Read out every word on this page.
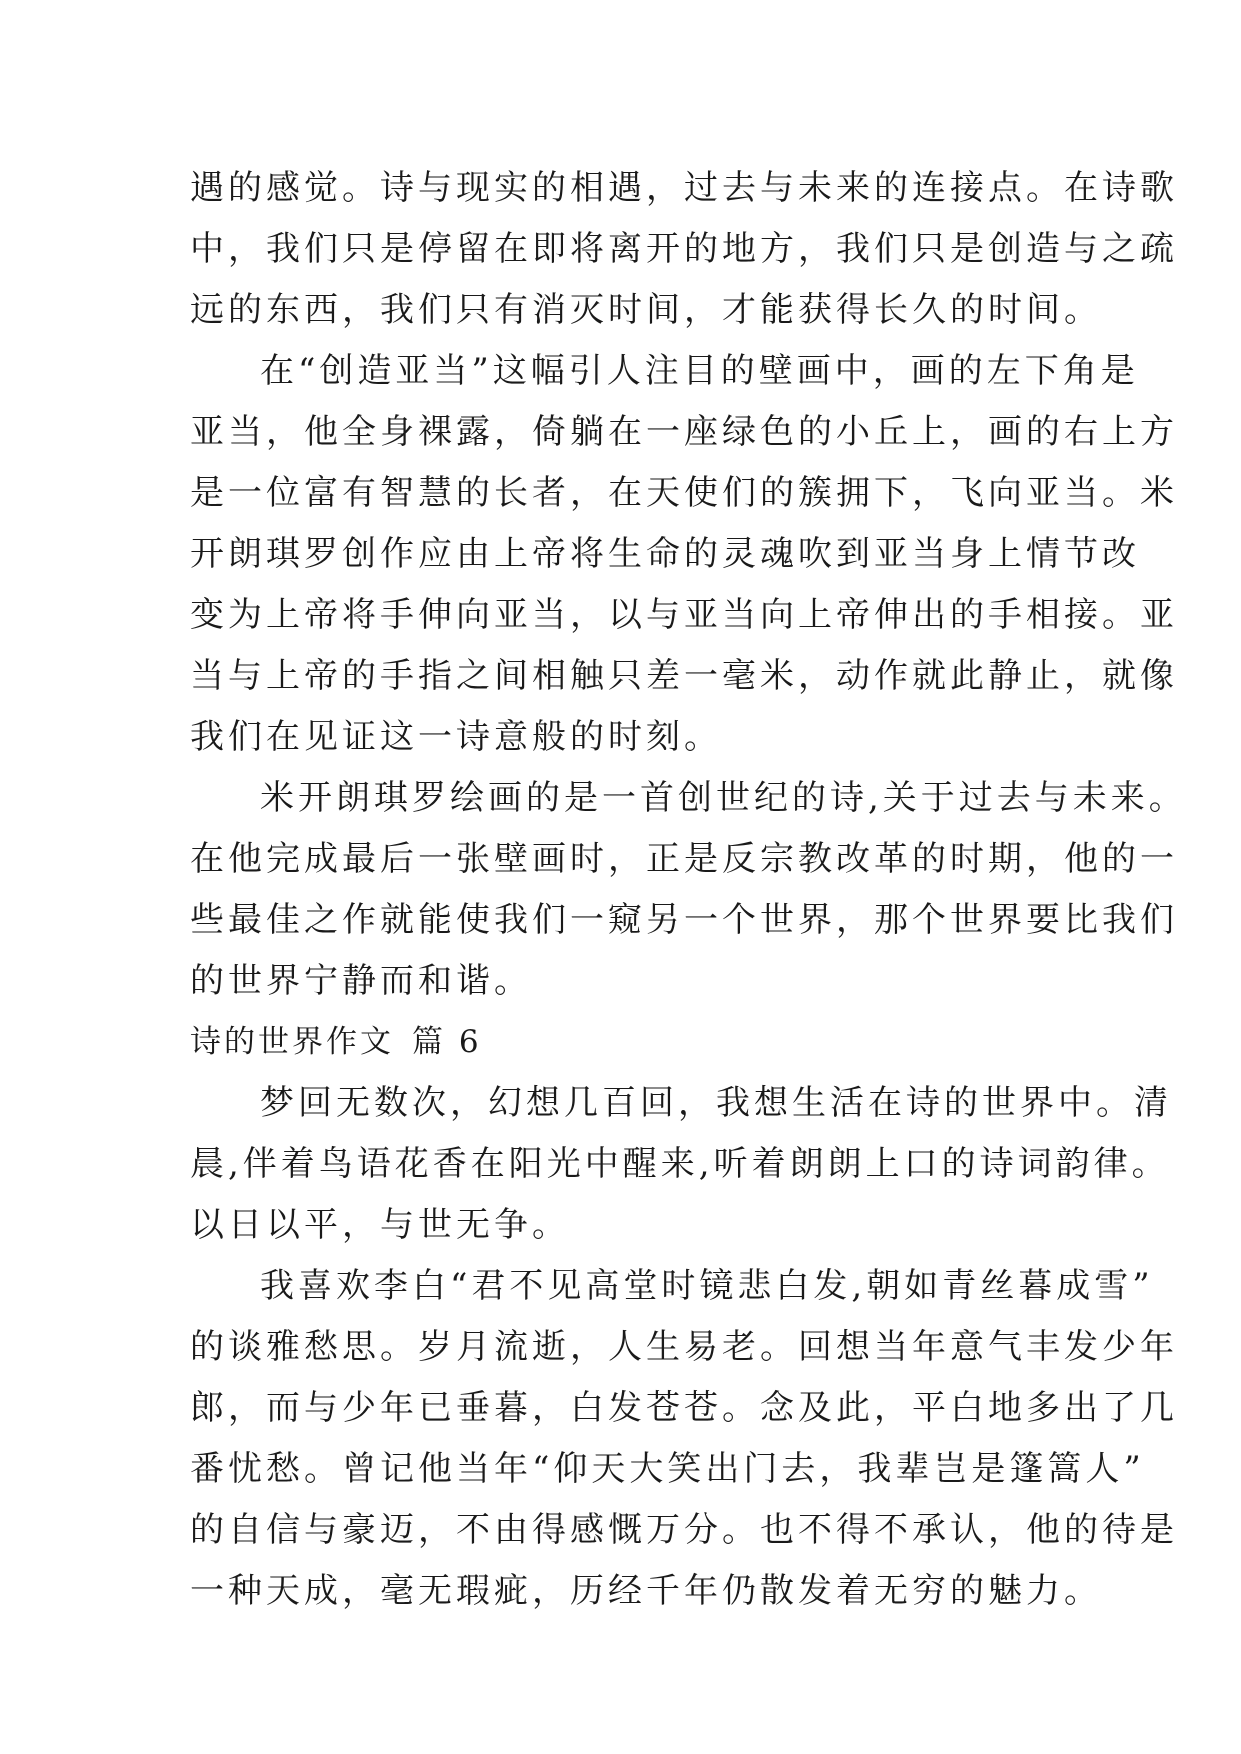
遇的感觉。诗与现实的相遇，过去与未来的连接点。在诗歌
中，我们只是停留在即将离开的地方，我们只是创造与之疏
远的东西，我们只有消灭时间，才能获得长久的时间。
在“创造亚当”这幅引人注目的壁画中，画的左下角是
亚当，他全身裸露，倚躺在一座绿色的小丘上，画的右上方
是一位富有智慧的长者，在天使们的簇拥下，飞向亚当。米
开朗琪罗创作应由上帝将生命的灵魂吹到亚当身上情节改
变为上帝将手伸向亚当，以与亚当向上帝伸出的手相接。亚
当与上帝的手指之间相触只差一毫米，动作就此静止，就像
我们在见证这一诗意般的时刻。
米开朗琪罗绘画的是一首创世纪的诗,关于过去与未来。
在他完成最后一张壁画时，正是反宗教改革的时期，他的一
些最佳之作就能使我们一窥另一个世界，那个世界要比我们
的世界宁静而和谐。
诗的世界作文 篇 6
梦回无数次，幻想几百回，我想生活在诗的世界中。清
晨,伴着鸟语花香在阳光中醒来,听着朗朗上口的诗词韵律。
以日以平，与世无争。
我喜欢李白“君不见高堂时镜悲白发,朝如青丝暮成雪”
的谈雅愁思。岁月流逝，人生易老。回想当年意气丰发少年
郎，而与少年已垂暮，白发苍苍。念及此，平白地多出了几
番忧愁。曾记他当年“仰天大笑出门去，我辈岂是篷篙人”
的自信与豪迈，不由得感慨万分。也不得不承认，他的待是
一种天成，毫无瑕疵，历经千年仍散发着无穷的魅力。
